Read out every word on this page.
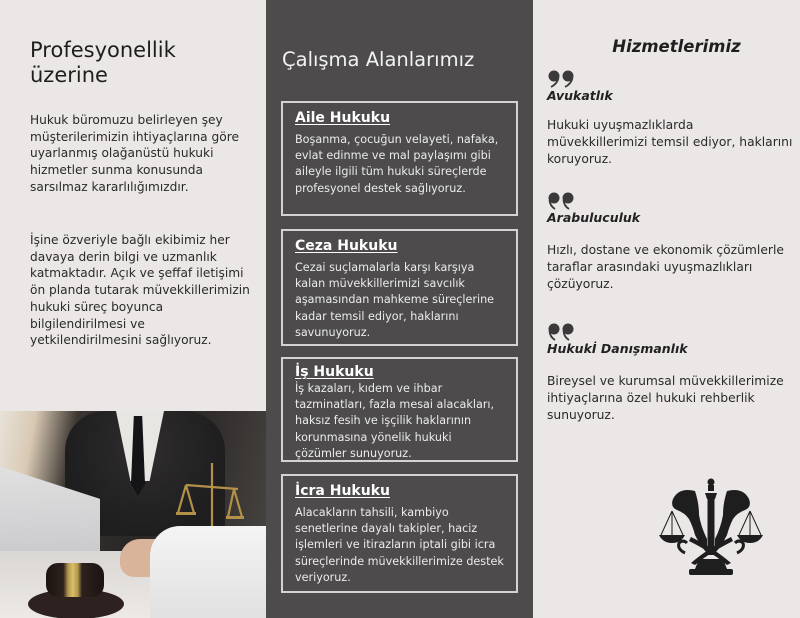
Profesyonellik üzerine

Hukuk büromuzu belirleyen şey müşterilerimizin ihtiyaçlarına göre uyarlanmış olağanüstü hukuki hizmetler sunma konusunda sarsılmaz kararlılığımızdır.

İşine özveriyle bağlı ekibimiz her davaya derin bilgi ve uzmanlık katmaktadır. Açık ve şeffaf iletişimi ön planda tutarak müvekkillerimizin hukuki süreç boyunca bilgilendirilmesi ve yetkilendirilmesini sağlıyoruz.

Çalışma Alanlarımız
Aile Hukuku
Boşanma, çocuğun velayeti, nafaka, evlat edinme ve mal paylaşımı gibi aileyle ilgili tüm hukuki süreçlerde profesyonel destek sağlıyoruz.
Ceza Hukuku
Cezai suçlamalarla karşı karşıya kalan müvekkillerimizi savcılık aşamasından mahkeme süreçlerine kadar temsil ediyor, haklarını savunuyoruz.
İş Hukuku
İş kazaları, kıdem ve ihbar tazminatları, fazla mesai alacakları, haksız fesih ve işçilik haklarının korunmasına yönelik hukuki çözümler sunuyoruz.
İcra Hukuku
Alacakların tahsili, kambiyo senetlerine dayalı takipler, haciz işlemleri ve itirazların iptali gibi icra süreçlerinde müvekkillerimize destek veriyoruz.
Hizmetlerimiz
Avukatlık
Hukuki uyuşmazlıklarda müvekkillerimizi temsil ediyor, haklarını koruyoruz.
Arabuluculuk
Hızlı, dostane ve ekonomik çözümlerle taraflar arasındaki uyuşmazlıkları çözüyoruz.
Hukukİ Danışmanlık
Bireysel ve kurumsal müvekkillerimize ihtiyaçlarına özel hukuki rehberlik sunuyoruz.
